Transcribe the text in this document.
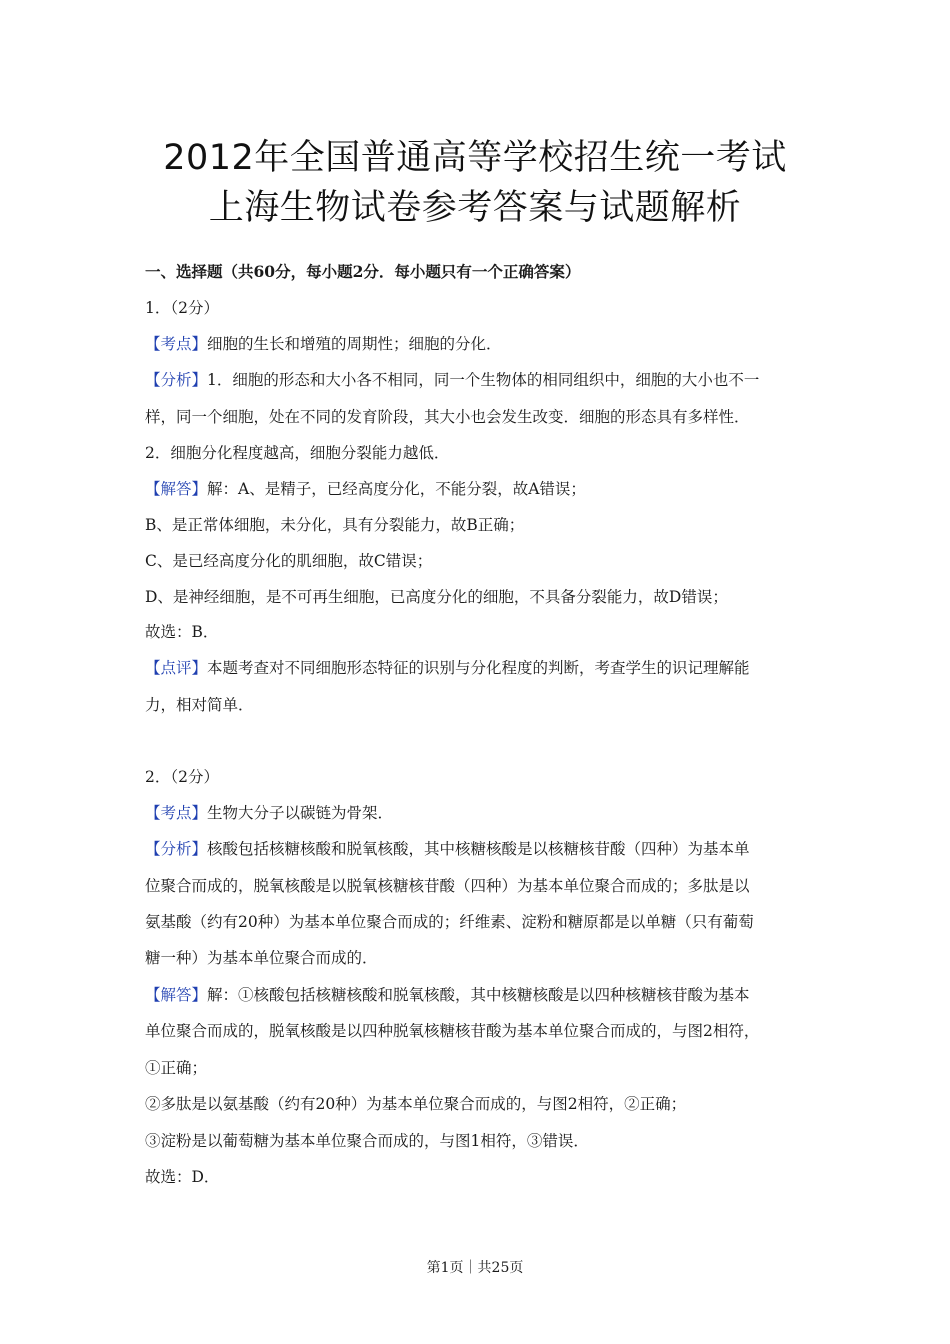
2012年全国普通高等学校招生统一考试
上海生物试卷参考答案与试题解析
一、选择题（共60分，每小题2分．每小题只有一个正确答案）
1．（2分）
【考点】细胞的生长和增殖的周期性；细胞的分化．
【分析】1．细胞的形态和大小各不相同，同一个生物体的相同组织中，细胞的大小也不一
样，同一个细胞，处在不同的发育阶段，其大小也会发生改变．细胞的形态具有多样性．
2．细胞分化程度越高，细胞分裂能力越低．
【解答】解：A、是精子，已经高度分化，不能分裂，故A错误；
B、是正常体细胞，未分化，具有分裂能力，故B正确；
C、是已经高度分化的肌细胞，故C错误；
D、是神经细胞，是不可再生细胞，已高度分化的细胞，不具备分裂能力，故D错误；
故选：B．
【点评】本题考查对不同细胞形态特征的识别与分化程度的判断，考查学生的识记理解能
力，相对简单．
2．（2分）
【考点】生物大分子以碳链为骨架．
【分析】核酸包括核糖核酸和脱氧核酸，其中核糖核酸是以核糖核苷酸（四种）为基本单
位聚合而成的，脱氧核酸是以脱氧核糖核苷酸（四种）为基本单位聚合而成的；多肽是以
氨基酸（约有20种）为基本单位聚合而成的；纤维素、淀粉和糖原都是以单糖（只有葡萄
糖一种）为基本单位聚合而成的．
【解答】解：①核酸包括核糖核酸和脱氧核酸，其中核糖核酸是以四种核糖核苷酸为基本
单位聚合而成的，脱氧核酸是以四种脱氧核糖核苷酸为基本单位聚合而成的，与图2相符，
①正确；
②多肽是以氨基酸（约有20种）为基本单位聚合而成的，与图2相符，②正确；
③淀粉是以葡萄糖为基本单位聚合而成的，与图1相符，③错误．
故选：D．
第1页｜共25页
